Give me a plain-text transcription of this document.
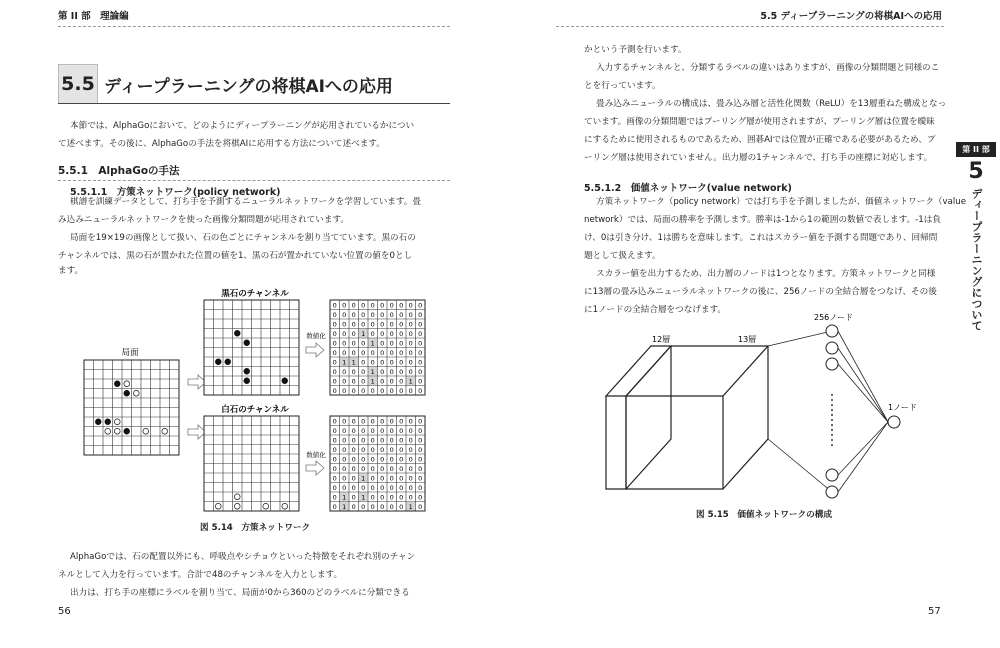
第 II 部　理論編	5.5 ディープラーニングの将棋AIへの応用
5.5 ディープラーニングの将棋AIへの応用
本節では、AlphaGoにおいて、どのようにディープラーニングが応用されているかについ
て述べます。その後に、AlphaGoの手法を将棋AIに応用する方法について述べます。
5.5.1　AlphaGoの手法
5.5.1.1　方策ネットワーク(policy network)
棋譜を訓練データとして、打ち手を予測するニューラルネットワークを学習しています。畳
み込みニューラルネットワークを使った画像分類問題が応用されています。
局面を19×19の画像として扱い、石の色ごとにチャンネルを割り当てています。黒の石の
チャンネルでは、黒の石が置かれた位置の値を1、黒の石が置かれていない位置の値を0とし
ます。
局面
黒石のチャンネル
白石のチャンネル
数値化
数値化
0 0 0 0 0 0 0 0 0 0
0 0 0 0 0 0 0 0 0 0
0 0 0 0 0 0 0 0 0 0
0 0 0 1 0 0 0 0 0 0
0 0 0 0 1 0 0 0 0 0
0 0 0 0 0 0 0 0 0 0
0 1 1 0 0 0 0 0 0 0
0 0 0 0 1 0 0 0 0 0
0 0 0 0 1 0 0 0 1 0
0 0 0 0 0 0 0 0 0 0
0 0 0 0 0 0 0 0 0 0
0 0 0 0 0 0 0 0 0 0
0 0 0 0 0 0 0 0 0 0
0 0 0 0 0 0 0 0 0 0
0 0 0 0 0 0 0 0 0 0
0 0 0 0 0 0 0 0 0 0
0 0 0 1 0 0 0 0 0 0
0 0 0 0 0 0 0 0 0 0
0 1 0 1 0 0 0 0 0 0
0 1 0 0 0 0 0 0 1 0
図 5.14　方策ネットワーク
AlphaGoでは、石の配置以外にも、呼吸点やシチョウといった特徴をそれぞれ別のチャン
ネルとして入力を行っています。合計で48のチャンネルを入力とします。
出力は、打ち手の座標にラベルを割り当て、局面が0から360のどのラベルに分類できる
56
かという予測を行います。
入力するチャンネルと、分類するラベルの違いはありますが、画像の分類問題と同様のこ
とを行っています。
畳み込みニューラルの構成は、畳み込み層と活性化関数（ReLU）を13層重ねた構成となっ
ています。画像の分類問題ではプーリング層が使用されますが、プーリング層は位置を曖昧
にするために使用されるものであるため、囲碁AIでは位置が正確である必要があるため、プ
ーリング層は使用されていません。出力層の1チャンネルで、打ち手の座標に対応します。
5.5.1.2　価値ネットワーク(value network)
方策ネットワーク（policy network）では打ち手を予測しましたが、価値ネットワーク（value
network）では、局面の勝率を予測します。勝率は-1から1の範囲の数値で表します。-1は負
け、0は引き分け、1は勝ちを意味します。これはスカラー値を予測する問題であり、回帰問
題として扱えます。
スカラー値を出力するため、出力層のノードは1つとなります。方策ネットワークと同様
に13層の畳み込みニューラルネットワークの後に、256ノードの全結合層をつなげ、その後
に1ノードの全結合層をつなげます。
12層	13層
256ノード
1ノード
図 5.15　価値ネットワークの構成
57
第 II 部
5
ディープラーニングについて
